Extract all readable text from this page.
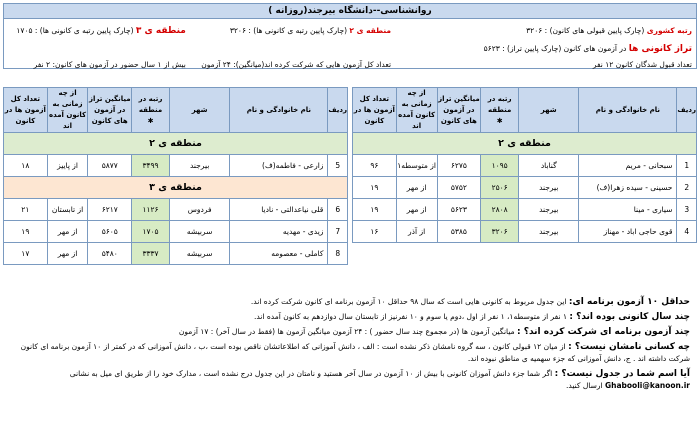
روانشناسی--دانشگاه بیرجند(روزانه )
رتبه کشوری (چارک پایین قبولی های کانون) : ۳۲۰۶
منطقه ی ۲ (چارک پایین رتبه ی کانونی ها) : ۳۲۰۶
منطقه ی ۳ (چارک پایین رتبه ی کانونی ها) : ۱۷۰۵
تراز کانونی ها در آزمون های کانون (چارک پایین تراز) : ۵۶۲۳
تعداد قبول شدگان کانون ۱۲ نفر
تعداد کل آزمون هایی که شرکت کرده اند(میانگین): ۲۴ آزمون
بیش از ۱ سال حضور در آزمون های کانون: ۲ نفر
ردیف	نام خانوادگی و نام	شهر	رتبه در منطقه
✱	میانگین تراز در آزمون های کانون	از چه زمانی به کانون آمده اند	تعداد کل آزمون ها در کانون
منطقه ی ۲						
1	سبحانی - مریم	گناباد	۱۰۹۵	۶۲۷۵	از متوسطه۱	۹۶
2	حسینی - سیده زهرا(ف)	بیرجند	۲۵۰۶	۵۷۵۲	از مهر	۱۹
3	سیاری - مینا	بیرجند	۲۸۰۸	۵۶۲۳	از مهر	۱۹
4	قوی حاجی اباد - مهناز	بیرجند	۳۲۰۶	۵۳۸۵	از آذر	۱۶
ردیف	نام خانوادگی و نام	شهر	رتبه در منطقه
✱	میانگین تراز در آزمون های کانون	از چه زمانی به کانون آمده اند	تعداد کل آزمون ها در کانون
منطقه ی ۲						
5	زارعی - فاطمه(ف)	بیرجند	۳۴۹۹	۵۸۷۷	از پاییز	۱۸
منطقه ی ۳						
6	قلی نیاعدالتی - نادیا	فردوس	۱۱۲۶	۶۲۱۷	از تابستان	۲۱
7	زیدی - مهدیه	سربیشه	۱۷۰۵	۵۶۰۵	از مهر	۱۹
8	کاملی - معصومه	سربیشه	۳۳۳۷	۵۴۸۰	از مهر	۱۷

حداقل ۱۰ آزمون برنامه ای: این جدول مربوط به کانونی هایی است که سال ۹۸ حداقل ۱۰ آزمون برنامه ای کانون شرکت کرده اند.

چند سال کانونی بوده اند؟ : ۱ نفر از متوسطه۱، ۱ نفر از اول ،دوم یا سوم و ۱۰ نفرنیز از تابستان سال دوازدهم به کانون آمده اند.

چند آزمون برنامه ای شرکت کرده اند؟ : میانگین آزمون ها (در مجموع چند سال حضور ) : ۲۴ آزمون میانگین آزمون ها (فقط در سال آخر) : ۱۷ آزمون

چه کسانی نامشان نیست؟ : از میان ۱۲ قبولی کانون ، سه گروه نامشان ذکر نشده است : الف ، دانش آموزانی که اطلاعاتشان ناقص بوده است ،ب ، دانش آموزانی که در کمتر از ۱۰ آزمون برنامه ای کانون شرکت داشته اند . ج، دانش آموزانی که جزء سهمیه ی مناطق نبوده اند.

آیا اسم شما در جدول نیست؟ : اگر شما جزء دانش آموزان کانونی با بیش از ۱۰ آزمون در سال آخر هستید و نامتان در این جدول درج نشده است ، مدارک خود را از طریق ای میل به نشانی Ghabooli@kanoon.ir ارسال کنید.
